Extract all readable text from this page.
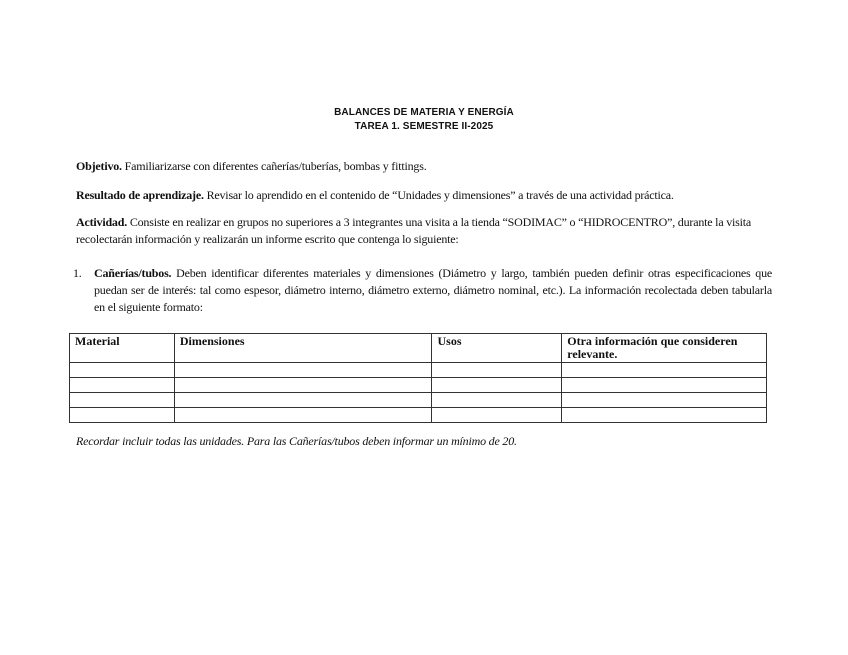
BALANCES DE MATERIA Y ENERGÍA
TAREA 1. SEMESTRE II-2025
Objetivo. Familiarizarse con diferentes cañerías/tuberías, bombas y fittings.
Resultado de aprendizaje. Revisar lo aprendido en el contenido de “Unidades y dimensiones” a través de una actividad práctica.
Actividad. Consiste en realizar en grupos no superiores a 3 integrantes una visita a la tienda “SODIMAC” o “HIDROCENTRO”, durante la visita recolectarán información y realizarán un informe escrito que contenga lo siguiente:
1. Cañerías/tubos. Deben identificar diferentes materiales y dimensiones (Diámetro y largo, también pueden definir otras especificaciones que puedan ser de interés: tal como espesor, diámetro interno, diámetro externo, diámetro nominal, etc.). La información recolectada deben tabularla en el siguiente formato:
Material	Dimensiones	Usos	Otra información que consideren relevante.

Recordar incluir todas las unidades. Para las Cañerías/tubos deben informar un mínimo de 20.
